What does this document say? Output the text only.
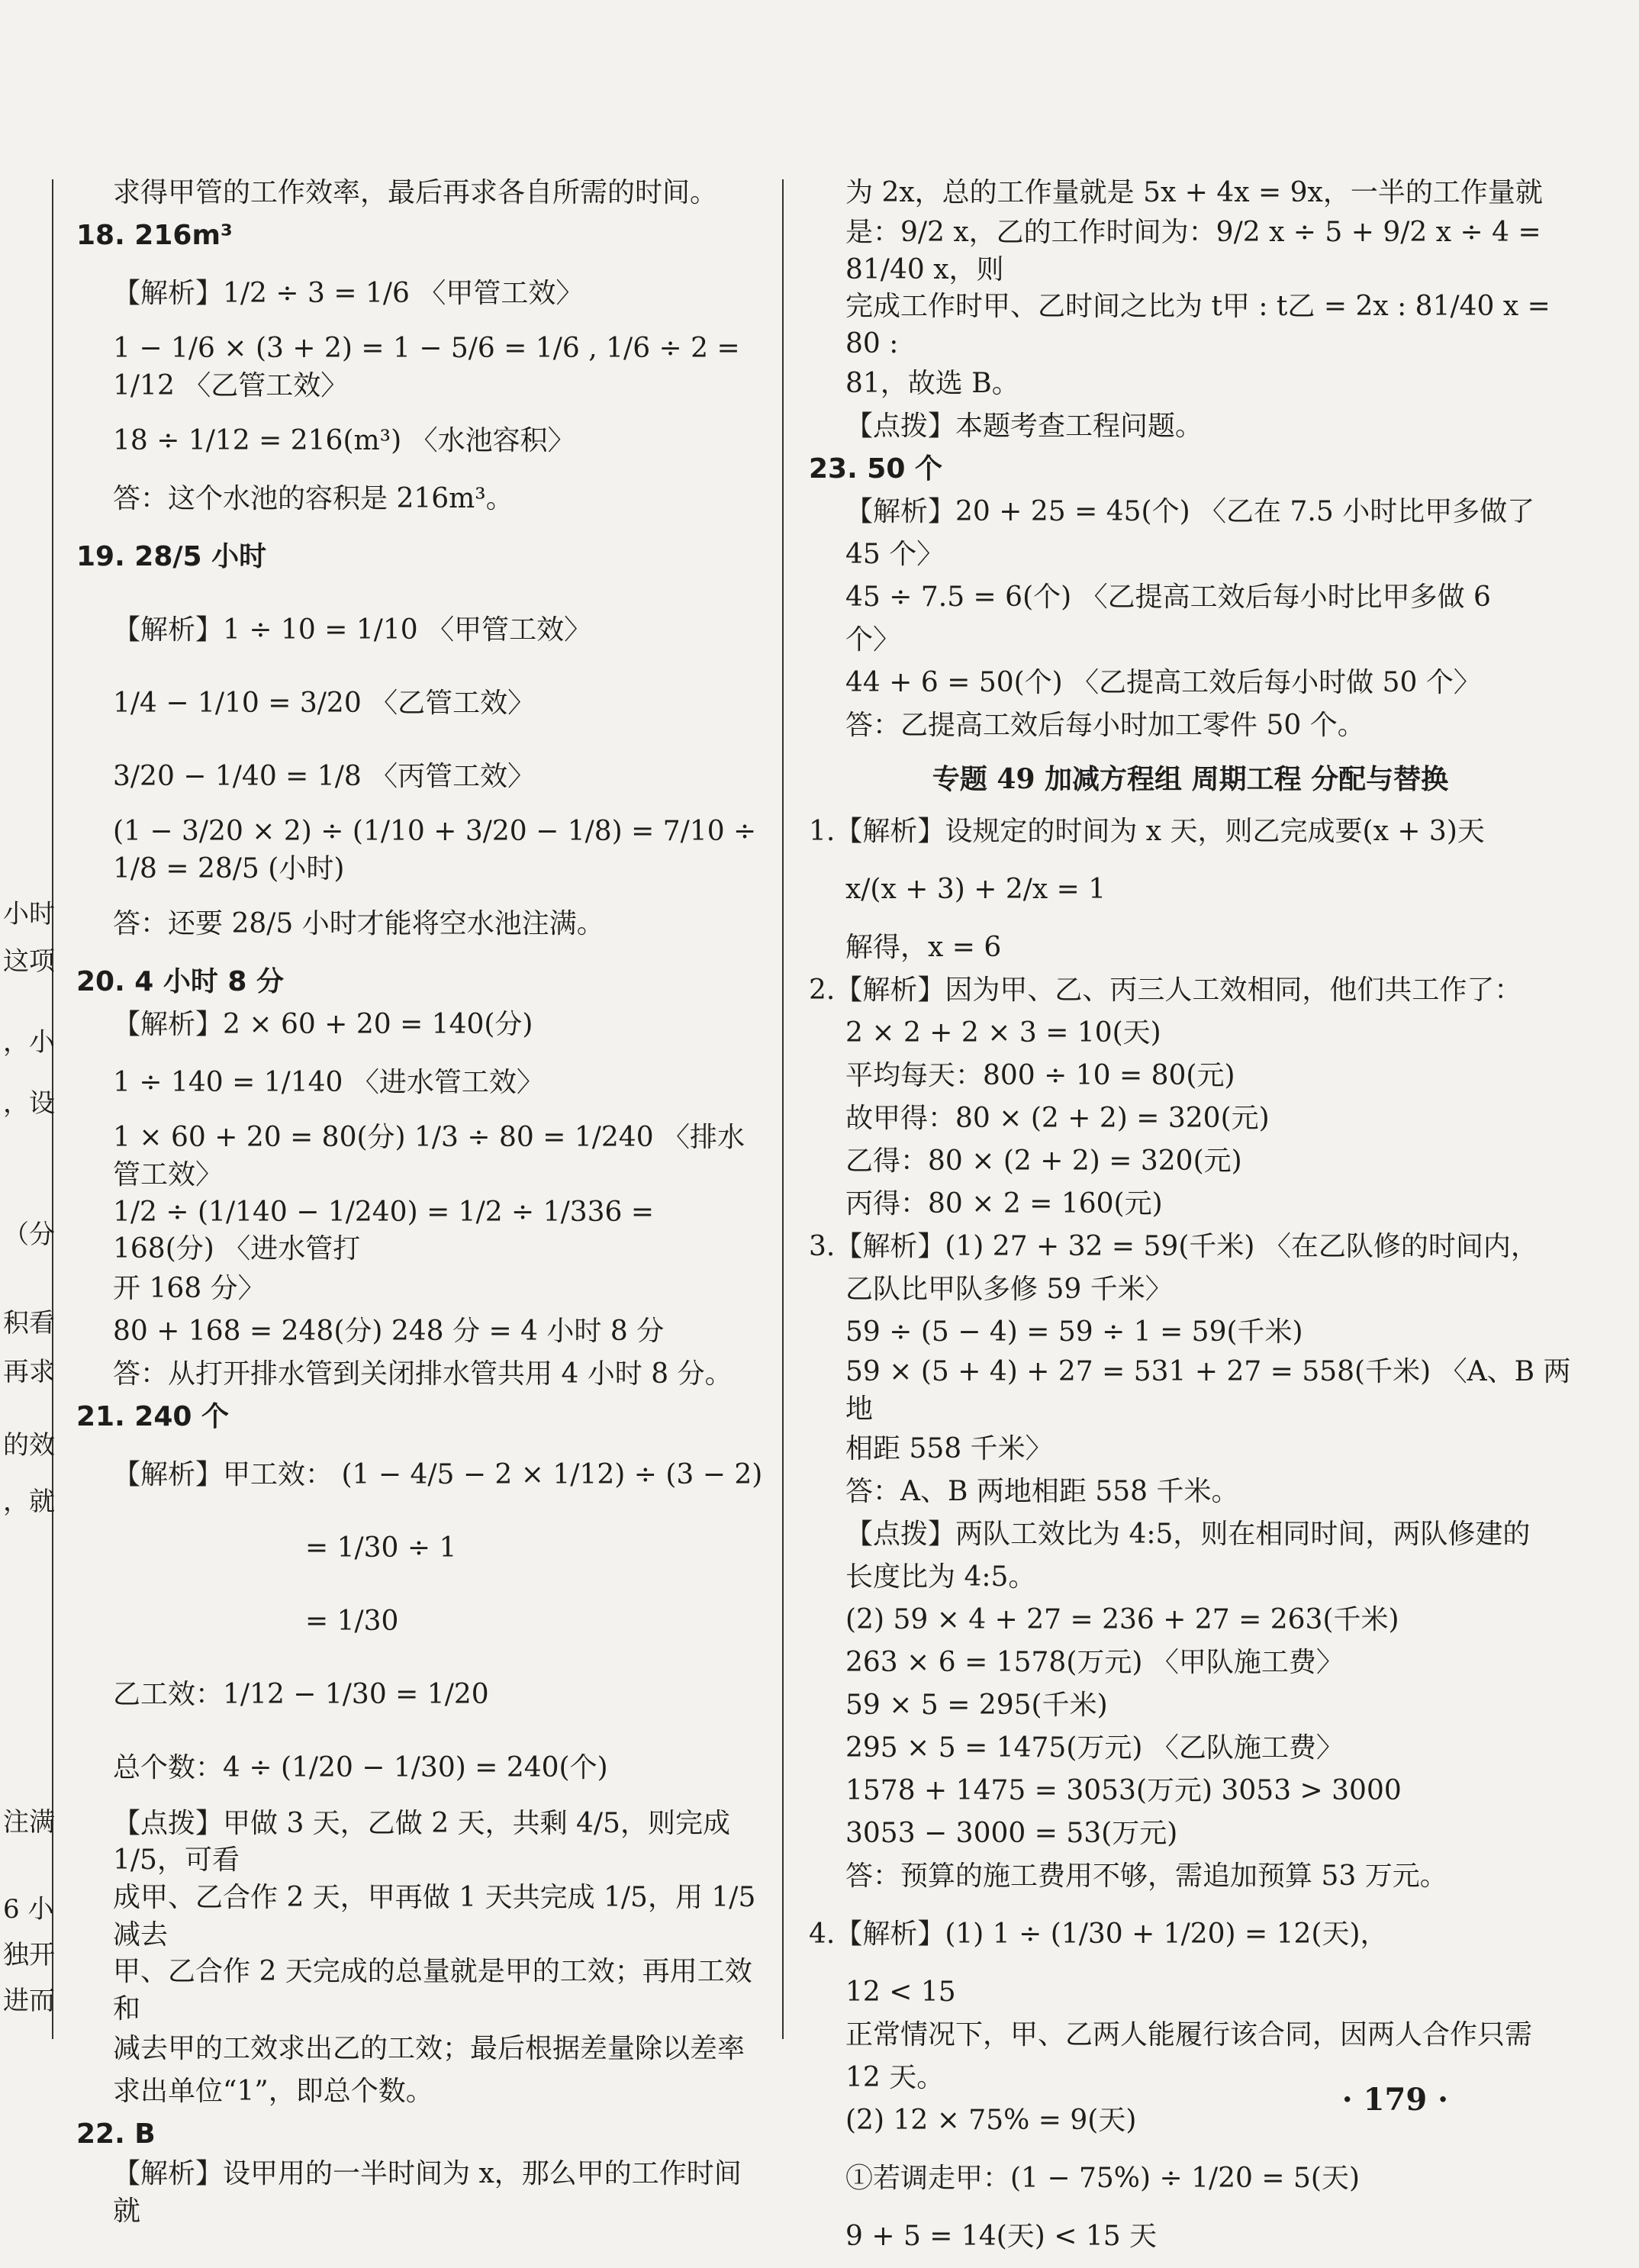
小时
这项
，小
，设
（分
积看
再求
的效
，就
注满
6 小
独开
进而

求得甲管的工作效率，最后再求各自所需的时间。

18. 216m³

【解析】1/2 ÷ 3 = 1/6 〈甲管工效〉

1 − 1/6 × (3 + 2) = 1 − 5/6 = 1/6 , 1/6 ÷ 2 = 1/12 〈乙管工效〉

18 ÷ 1/12 = 216(m³) 〈水池容积〉

答：这个水池的容积是 216m³。

19. 28/5 小时

【解析】1 ÷ 10 = 1/10 〈甲管工效〉

1/4 − 1/10 = 3/20 〈乙管工效〉

3/20 − 1/40 = 1/8 〈丙管工效〉

(1 − 3/20 × 2) ÷ (1/10 + 3/20 − 1/8) = 7/10 ÷ 1/8 = 28/5 (小时)

答：还要 28/5 小时才能将空水池注满。

20. 4 小时 8 分

【解析】2 × 60 + 20 = 140(分)

1 ÷ 140 = 1/140 〈进水管工效〉

1 × 60 + 20 = 80(分) 1/3 ÷ 80 = 1/240 〈排水管工效〉

1/2 ÷ (1/140 − 1/240) = 1/2 ÷ 1/336 = 168(分) 〈进水管打

开 168 分〉

80 + 168 = 248(分) 248 分 = 4 小时 8 分

答：从打开排水管到关闭排水管共用 4 小时 8 分。

21. 240 个

【解析】甲工效： (1 − 4/5 − 2 × 1/12) ÷ (3 − 2)

= 1/30 ÷ 1

= 1/30

乙工效：1/12 − 1/30 = 1/20

总个数：4 ÷ (1/20 − 1/30) = 240(个)

【点拨】甲做 3 天，乙做 2 天，共剩 4/5，则完成 1/5，可看

成甲、乙合作 2 天，甲再做 1 天共完成 1/5，用 1/5 减去

甲、乙合作 2 天完成的总量就是甲的工效；再用工效和

减去甲的工效求出乙的工效；最后根据差量除以差率

求出单位“1”，即总个数。

22. B

【解析】设甲用的一半时间为 x，那么甲的工作时间就

为 2x，总的工作量就是 5x + 4x = 9x，一半的工作量就

是：9/2 x，乙的工作时间为：9/2 x ÷ 5 + 9/2 x ÷ 4 = 81/40 x，则

完成工作时甲、乙时间之比为 t甲 : t乙 = 2x : 81/40 x = 80 :

81，故选 B。

【点拨】本题考查工程问题。

23. 50 个

【解析】20 + 25 = 45(个) 〈乙在 7.5 小时比甲多做了

45 个〉

45 ÷ 7.5 = 6(个) 〈乙提高工效后每小时比甲多做 6

个〉

44 + 6 = 50(个) 〈乙提高工效后每小时做 50 个〉

答：乙提高工效后每小时加工零件 50 个。

专题 49 加减方程组 周期工程 分配与替换

1.【解析】设规定的时间为 x 天，则乙完成要(x + 3)天

x/(x + 3) + 2/x = 1

解得，x = 6

2.【解析】因为甲、乙、丙三人工效相同，他们共工作了：

2 × 2 + 2 × 3 = 10(天)

平均每天：800 ÷ 10 = 80(元)

故甲得：80 × (2 + 2) = 320(元)

乙得：80 × (2 + 2) = 320(元)

丙得：80 × 2 = 160(元)

3.【解析】(1) 27 + 32 = 59(千米) 〈在乙队修的时间内，

乙队比甲队多修 59 千米〉

59 ÷ (5 − 4) = 59 ÷ 1 = 59(千米)

59 × (5 + 4) + 27 = 531 + 27 = 558(千米) 〈A、B 两地

相距 558 千米〉

答：A、B 两地相距 558 千米。

【点拨】两队工效比为 4:5，则在相同时间，两队修建的

长度比为 4:5。

(2) 59 × 4 + 27 = 236 + 27 = 263(千米)

263 × 6 = 1578(万元) 〈甲队施工费〉

59 × 5 = 295(千米)

295 × 5 = 1475(万元) 〈乙队施工费〉

1578 + 1475 = 3053(万元) 3053 > 3000

3053 − 3000 = 53(万元)

答：预算的施工费用不够，需追加预算 53 万元。

4.【解析】(1) 1 ÷ (1/30 + 1/20) = 12(天)，

12 < 15

正常情况下，甲、乙两人能履行该合同，因两人合作只需

12 天。

(2) 12 × 75% = 9(天)

①若调走甲：(1 − 75%) ÷ 1/20 = 5(天)

9 + 5 = 14(天) < 15 天

· 179 ·
